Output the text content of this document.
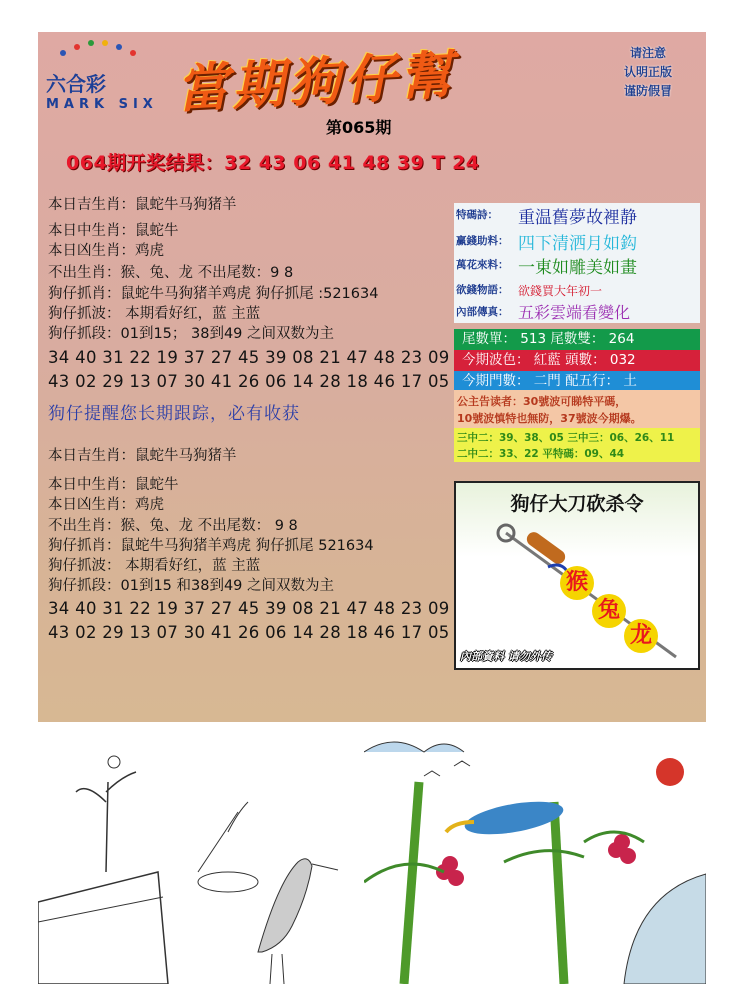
六合彩
MARK SIX 當期狗仔幫	请注意
认明正版
谨防假冒
第065期
064期开奖结果：32 43 06 41 48 39 T 24
本日吉生肖：鼠蛇牛马狗猪羊
本日中生肖：鼠蛇牛
本日凶生肖：鸡虎
不出生肖：猴、兔、龙 不出尾数：9 8
狗仔抓肖：鼠蛇牛马狗猪羊鸡虎 狗仔抓尾 :521634
狗仔抓波： 本期看好红，蓝 主蓝
狗仔抓段：01到15； 38到49 之间双数为主
34 40 31 22 19 37 27 45 39 08 21 47 48 23 09
43 02 29 13 07 30 41 26 06 14 28 18 46 17 05
狗仔提醒您长期跟踪，必有收获
本日吉生肖：鼠蛇牛马狗猪羊
本日中生肖：鼠蛇牛
本日凶生肖：鸡虎
不出生肖：猴、兔、龙 不出尾数： 9 8
狗仔抓肖：鼠蛇牛马狗猪羊鸡虎 狗仔抓尾 521634
狗仔抓波： 本期看好红，蓝 主蓝
狗仔抓段：01到15 和38到49 之间双数为主
34 40 31 22 19 37 27 45 39 08 21 47 48 23 09
43 02 29 13 07 30 41 26 06 14 28 18 46 17 05
特碼詩： 重温舊夢故裡静
赢錢助料： 四下清洒月如鈎
萬花來料： 一東如雕美如畫
欲錢物語： 欲錢買大年初一
內部傳真： 五彩雲端看變化
尾數單： 513 尾數雙： 264
今期波色： 紅藍 頭數： 032
今期門數： 二門 配五行： 土
公主告读者：30號波可睇特平碼，
10號波慎特也無防，37號波今期爆。
三中二：39、38、05 三中三：06、26、11
二中二：33、22 平特碼：09、44
狗仔大刀砍杀令
猴
兔
龙
內部資料 请勿外传
